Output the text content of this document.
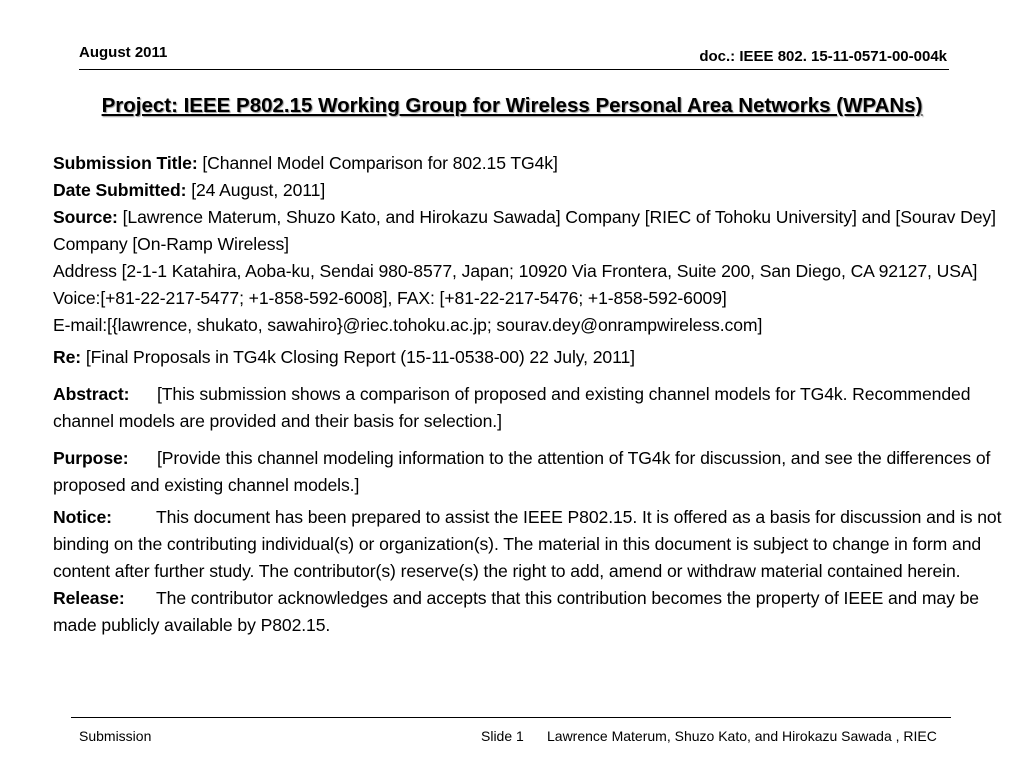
August 2011	doc.: IEEE 802. 15-11-0571-00-004k
Project: IEEE P802.15 Working Group for Wireless Personal Area Networks (WPANs)

Submission Title: [Channel Model Comparison for 802.15 TG4k]

Date Submitted: [24 August, 2011]

Source: [Lawrence Materum, Shuzo Kato, and Hirokazu Sawada] Company [RIEC of Tohoku University] and [Sourav Dey] Company [On-Ramp Wireless]

Address [2-1-1 Katahira, Aoba-ku, Sendai 980-8577, Japan; 10920 Via Frontera, Suite 200, San Diego, CA 92127, USA]

Voice:[+81-22-217-5477; +1-858-592-6008], FAX: [+81-22-217-5476; +1-858-592-6009]

E-mail:[{lawrence, shukato, sawahiro}@riec.tohoku.ac.jp; sourav.dey@onrampwireless.com]

Re: [Final Proposals in TG4k Closing Report (15-11-0538-00) 22 July, 2011]

Abstract: [This submission shows a comparison of proposed and existing channel models for TG4k. Recommended channel models are provided and their basis for selection.]

Purpose: [Provide this channel modeling information to the attention of TG4k for discussion, and see the differences of proposed and existing channel models.]

Notice:	This document has been prepared to assist the IEEE P802.15. It is offered as a basis for discussion and is not binding on the contributing individual(s) or organization(s). The material in this document is subject to change in form and content after further study. The contributor(s) reserve(s) the right to add, amend or withdraw material contained herein.

Release: The contributor acknowledges and accepts that this contribution becomes the property of IEEE and may be made publicly available by P802.15.

Submission	Slide 1 Lawrence Materum, Shuzo Kato, and Hirokazu Sawada , RIEC
